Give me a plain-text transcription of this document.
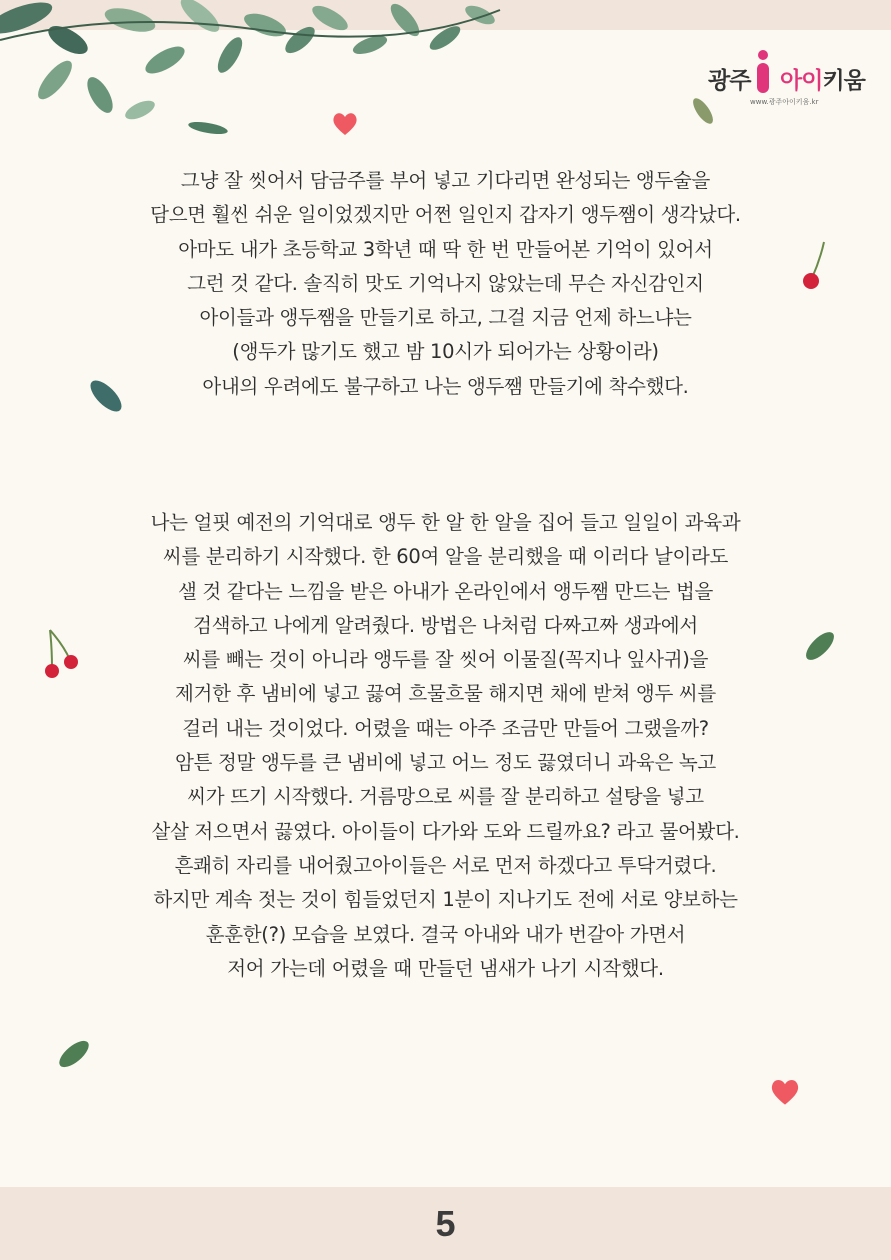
광주 아이키움
www.광주아이키움.kr
그냥 잘 씻어서 담금주를 부어 넣고 기다리면 완성되는 앵두술을
담으면 훨씬 쉬운 일이었겠지만 어쩐 일인지 갑자기 앵두쨈이 생각났다.
아마도 내가 초등학교 3학년 때 딱 한 번 만들어본 기억이 있어서
그런 것 같다. 솔직히 맛도 기억나지 않았는데 무슨 자신감인지
아이들과 앵두쨈을 만들기로 하고, 그걸 지금 언제 하느냐는
(앵두가 많기도 했고 밤 10시가 되어가는 상황이라)
아내의 우려에도 불구하고 나는 앵두쨈 만들기에 착수했다.
나는 얼핏 예전의 기억대로 앵두 한 알 한 알을 집어 들고 일일이 과육과
씨를 분리하기 시작했다. 한 60여 알을 분리했을 때 이러다 날이라도
샐 것 같다는 느낌을 받은 아내가 온라인에서 앵두쨈 만드는 법을
검색하고 나에게 알려줬다. 방법은 나처럼 다짜고짜 생과에서
씨를 빼는 것이 아니라 앵두를 잘 씻어 이물질(꼭지나 잎사귀)을
제거한 후 냄비에 넣고 끓여 흐물흐물 해지면 채에 받쳐 앵두 씨를
걸러 내는 것이었다. 어렸을 때는 아주 조금만 만들어 그랬을까?
암튼 정말 앵두를 큰 냄비에 넣고 어느 정도 끓였더니 과육은 녹고
씨가 뜨기 시작했다. 거름망으로 씨를 잘 분리하고 설탕을 넣고
살살 저으면서 끓였다. 아이들이 다가와 도와 드릴까요? 라고 물어봤다.
흔쾌히 자리를 내어줬고아이들은 서로 먼저 하겠다고 투닥거렸다.
하지만 계속 젓는 것이 힘들었던지 1분이 지나기도 전에 서로 양보하는
훈훈한(?) 모습을 보였다. 결국 아내와 내가 번갈아 가면서
저어 가는데 어렸을 때 만들던 냄새가 나기 시작했다.
5
